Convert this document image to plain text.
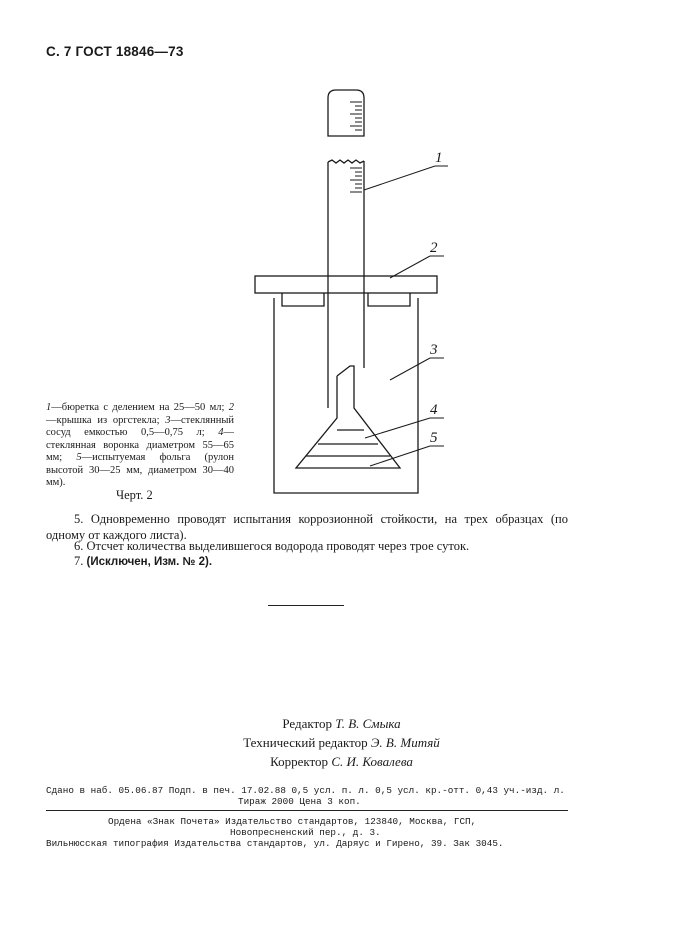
С. 7 ГОСТ 18846—73
1
2
3
4
5
1—бюретка с делением на 25—50 мл; 2—крышка из оргстекла; 3—стеклянный сосуд емкостью 0,5—0,75 л; 4—стеклянная воронка диаметром 55—65 мм; 5—испытуемая фольга (рулон высотой 30—25 мм, диаметром 30—40 мм).
Черт. 2
5. Одновременно проводят испытания коррозионной стойкости, на трех образцах (по одному от каждого листа).
6. Отсчет количества выделившегося водорода проводят через трое суток.
7. (Исключен, Изм. № 2).
Редактор Т. В. Смыка
Технический редактор Э. В. Митяй
Корректор С. И. Ковалева
Сдано в наб. 05.06.87 Подп. в печ. 17.02.88 0,5 усл. п. л. 0,5 усл. кр.-отт. 0,43 уч.-изд. л.
Тираж 2000 Цена 3 коп.
Ордена «Знак Почета» Издательство стандартов, 123840, Москва, ГСП,
Новопресненский пер., д. 3.
Вильнюсская типография Издательства стандартов, ул. Даряус и Гирено, 39. Зак 3045.
